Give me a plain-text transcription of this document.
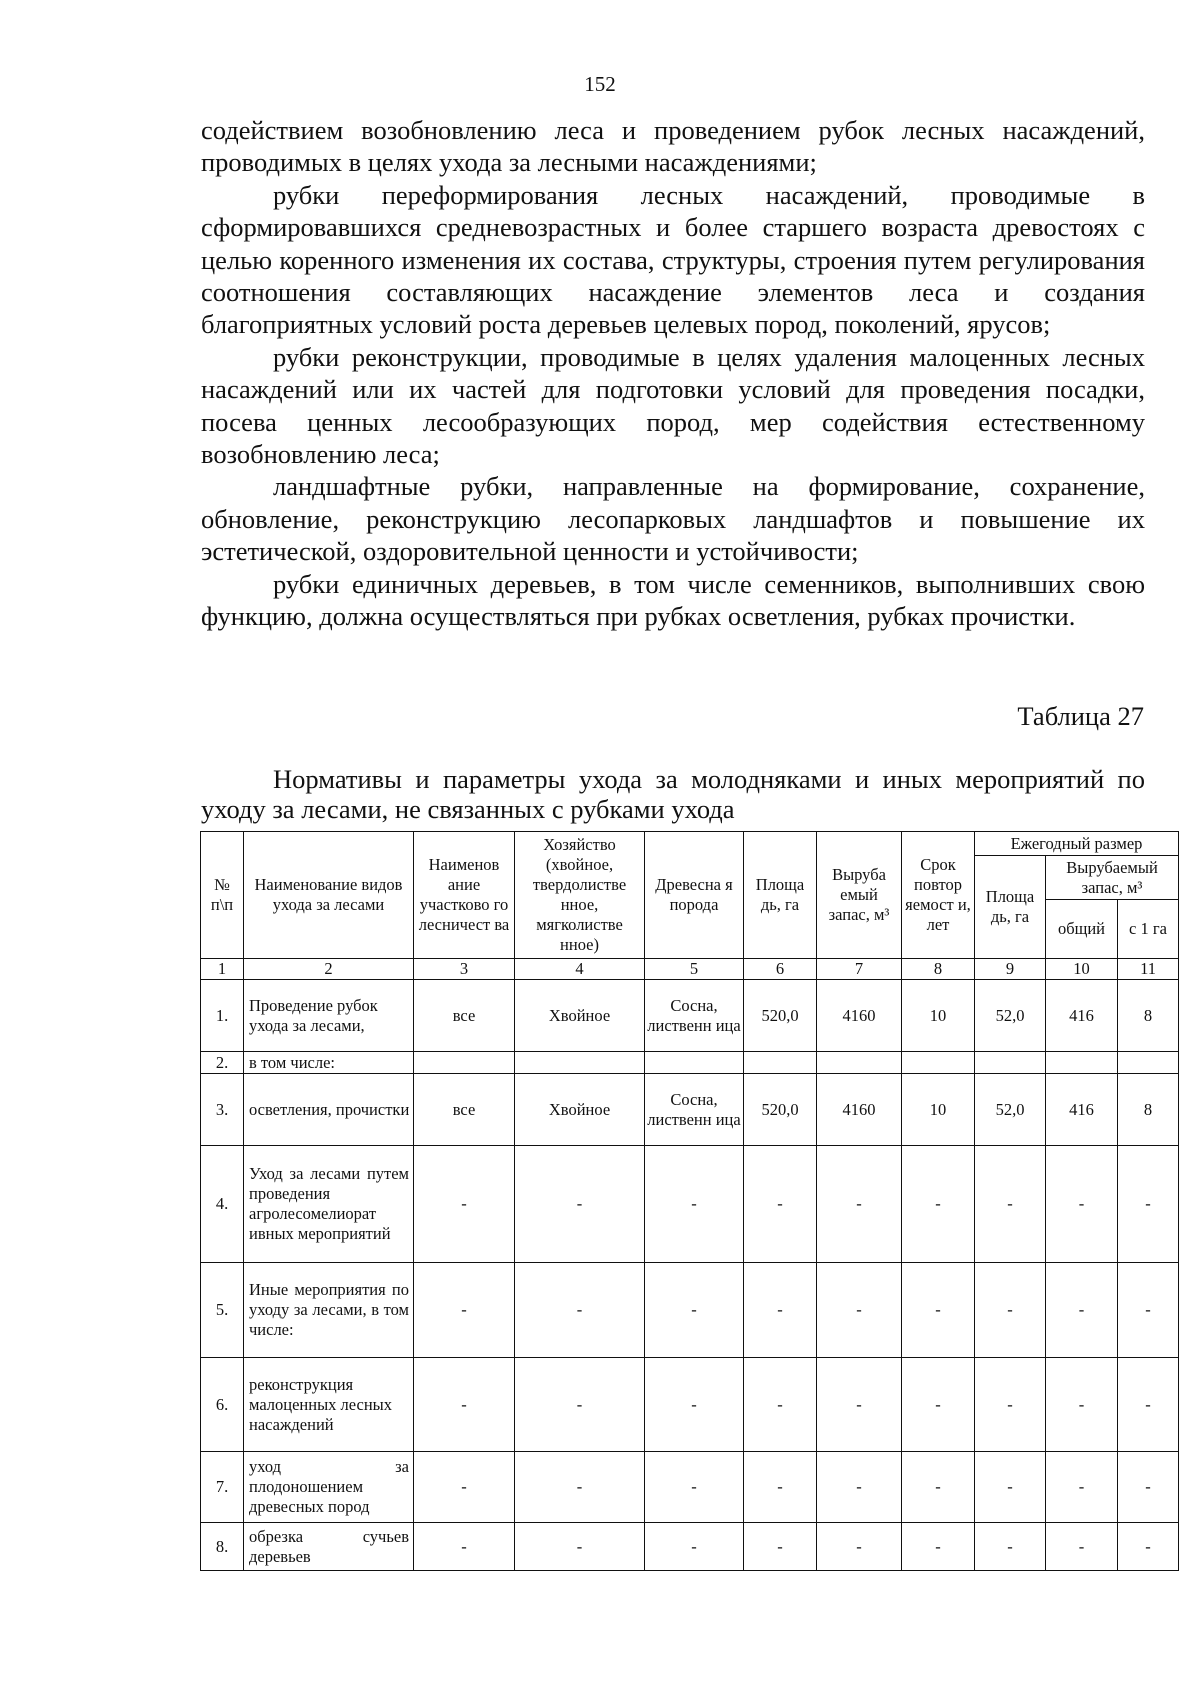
152

содействием возобновлению леса и проведением рубок лесных насаждений, проводимых в целях ухода за лесными насаждениями;

рубки переформирования лесных насаждений, проводимые в сформировавшихся средневозрастных и более старшего возраста древостоях с целью коренного изменения их состава, структуры, строения путем регулирования соотношения составляющих насаждение элементов леса и создания благоприятных условий роста деревьев целевых пород, поколений, ярусов;

рубки реконструкции, проводимые в целях удаления малоценных лесных насаждений или их частей для подготовки условий для проведения посадки, посева ценных лесообразующих пород, мер содействия естественному возобновлению леса;

ландшафтные рубки, направленные на формирование, сохранение, обновление, реконструкцию лесопарковых ландшафтов и повышение их эстетической, оздоровительной ценности и устойчивости;

рубки единичных деревьев, в том числе семенников, выполнивших свою функцию, должна осуществляться при рубках осветления, рубках прочистки.

Таблица 27
Нормативы и параметры ухода за молодняками и иных мероприятий по уходу за лесами, не связанных с рубками ухода
№ п\п	Наименование видов ухода за лесами	Наименов ание участково го лесничест ва	Хозяйство (хвойное, твердолистве нное, мягколистве нное)	Древесна я порода	Площа дь, га	Выруба емый запас, м³	Срок повтор яемост и, лет	Ежегодный размер		
								Площа дь, га	Вырубаемый запас, м³	
									общий	с 1 га
1	2	3	4	5	6	7	8	9	10	11
1.	Проведение рубок ухода за лесами,	все	Хвойное	Сосна, лиственн ица	520,0	4160	10	52,0	416	8
2.	в том числе:									
3.	осветления, прочистки	все	Хвойное	Сосна, лиственн ица	520,0	4160	10	52,0	416	8
4.	Уход за лесами путем проведения агролесомелиорат ивных мероприятий	-	-	-	-	-	-	-	-	-
5.	Иные мероприятия по уходу за лесами, в том числе:	-	-	-	-	-	-	-	-	-
6.	реконструкция малоценных лесных насаждений	-	-	-	-	-	-	-	-	-
7.	уход за плодоношением древесных пород	-	-	-	-	-	-	-	-	-
8.	обрезка сучьев деревьев	-	-	-	-	-	-	-	-	-
